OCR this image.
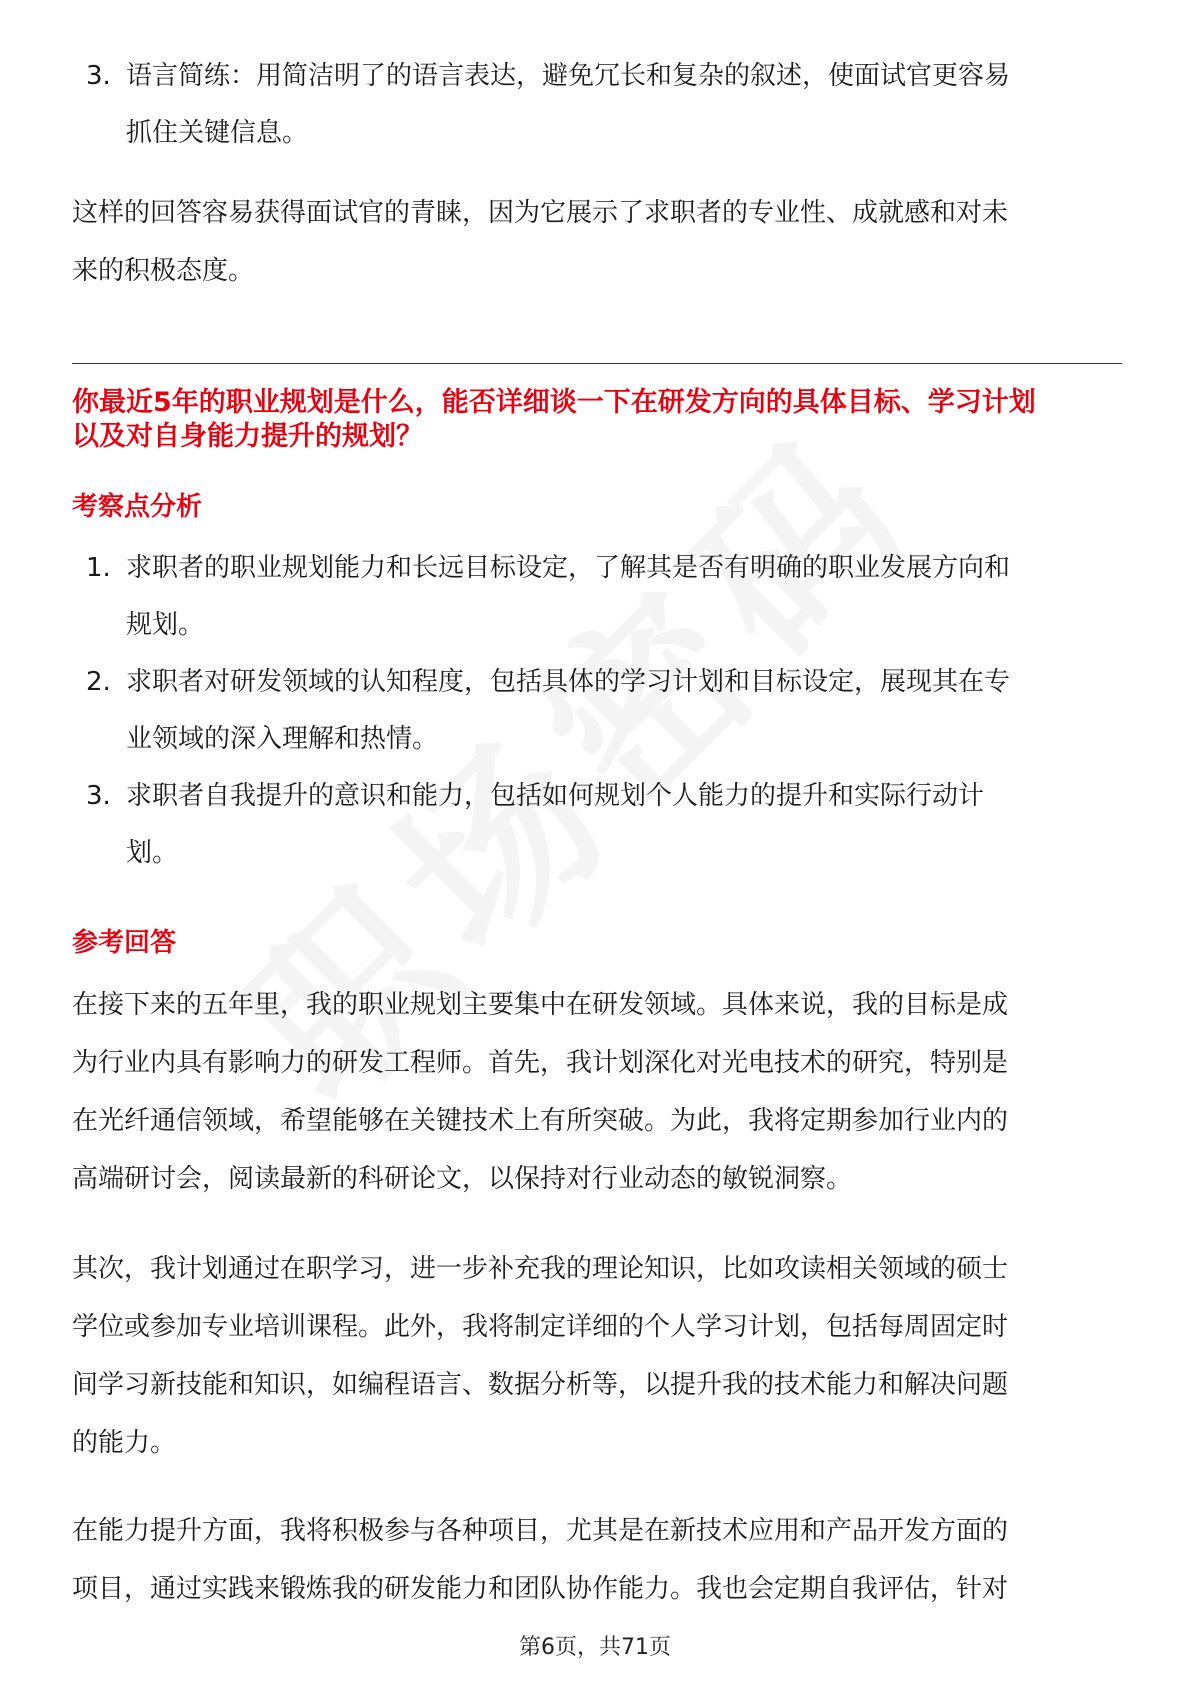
3. 语言简练：用简洁明了的语言表达，避免冗长和复杂的叙述，使面试官更容易
抓住关键信息。
这样的回答容易获得面试官的青睐，因为它展示了求职者的专业性、成就感和对未
来的积极态度。
你最近5年的职业规划是什么，能否详细谈一下在研发方向的具体目标、学习计划
以及对自身能力提升的规划？
考察点分析
1. 求职者的职业规划能力和长远目标设定，了解其是否有明确的职业发展方向和
规划。
2. 求职者对研发领域的认知程度，包括具体的学习计划和目标设定，展现其在专
业领域的深入理解和热情。
3. 求职者自我提升的意识和能力，包括如何规划个人能力的提升和实际行动计
划。
参考回答
在接下来的五年里，我的职业规划主要集中在研发领域。具体来说，我的目标是成
为行业内具有影响力的研发工程师。首先，我计划深化对光电技术的研究，特别是
在光纤通信领域，希望能够在关键技术上有所突破。为此，我将定期参加行业内的
高端研讨会，阅读最新的科研论文，以保持对行业动态的敏锐洞察。
其次，我计划通过在职学习，进一步补充我的理论知识，比如攻读相关领域的硕士
学位或参加专业培训课程。此外，我将制定详细的个人学习计划，包括每周固定时
间学习新技能和知识，如编程语言、数据分析等，以提升我的技术能力和解决问题
的能力。
在能力提升方面，我将积极参与各种项目，尤其是在新技术应用和产品开发方面的
项目，通过实践来锻炼我的研发能力和团队协作能力。我也会定期自我评估，针对
第6页，共71页
